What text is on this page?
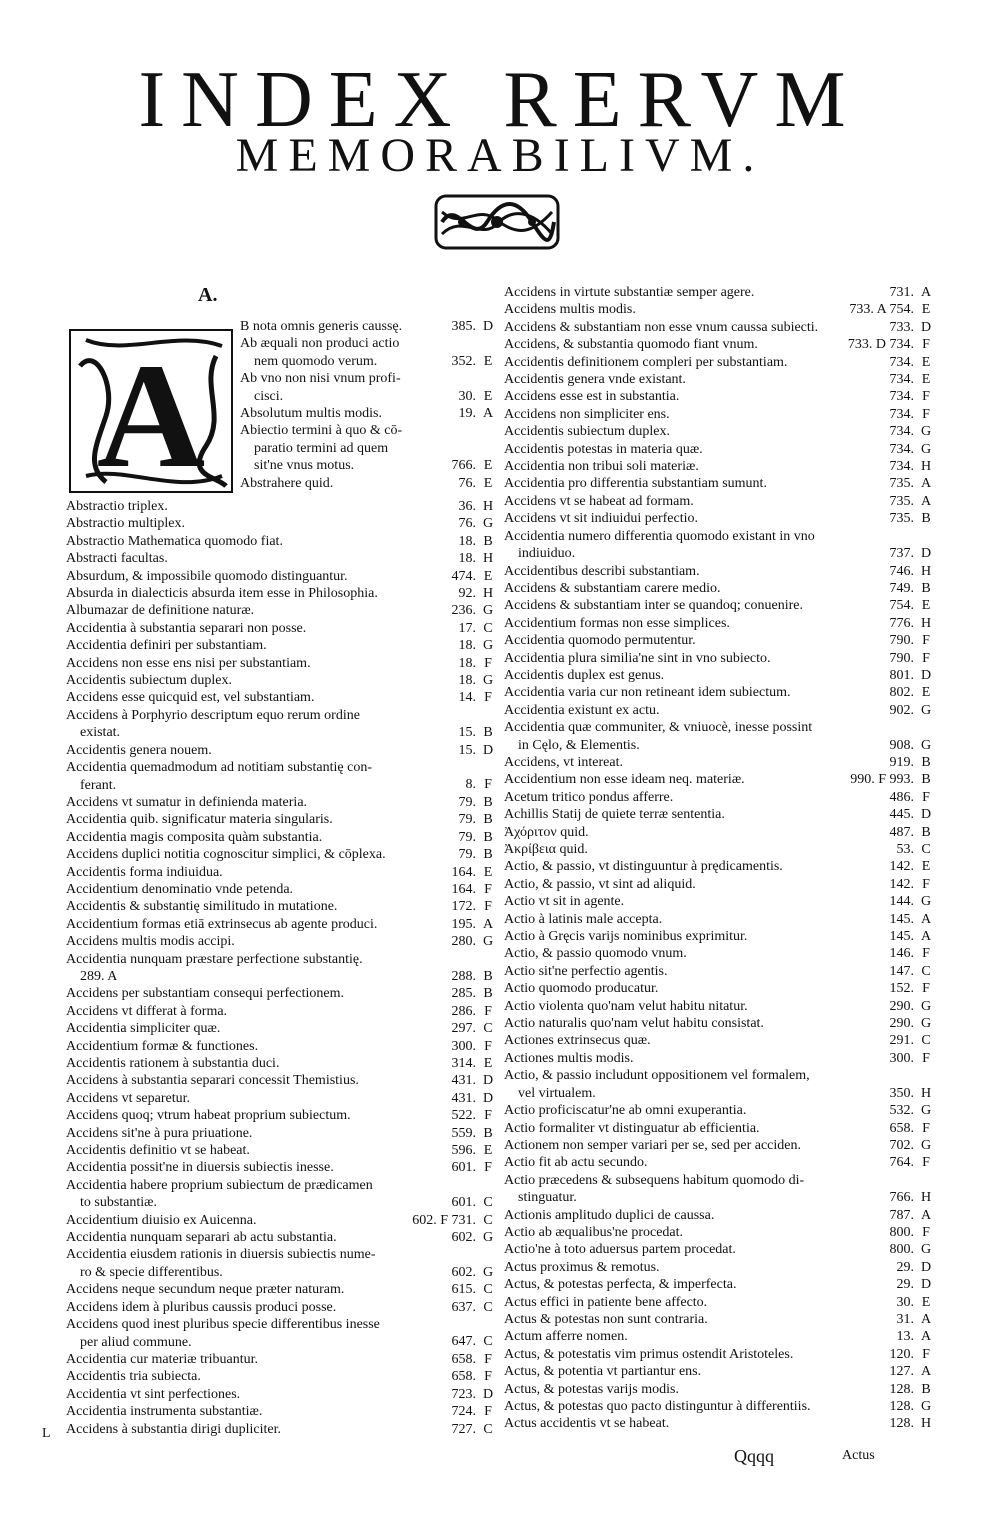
INDEX RERVM
MEMORABILIVM.
A.
A
B nota omnis generis caussę.	385. D
Ab æquali non produci actio
nem quomodo verum.	352. E
Ab vno non nisi vnum profi-
cisci.	30. E
Absolutum multis modis.	19. A
Abiectio termini à quo & cō-
paratio termini ad quem
sit'ne vnus motus.	766. E
Abstrahere quid.	76. E
Abstractio triplex.	36. H
Abstractio multiplex.	76. G
Abstractio Mathematica quomodo fiat.	18. B
Abstracti facultas.	18. H
Absurdum, & impossibile quomodo distinguantur.	474. E
Absurda in dialecticis absurda item esse in Philosophia.	92. H
Albumazar de definitione naturæ.	236. G
Accidentia à substantia separari non posse.	17. C
Accidentia definiri per substantiam.	18. G
Accidens non esse ens nisi per substantiam.	18. F
Accidentis subiectum duplex.	18. G
Accidens esse quicquid est, vel substantiam.	14. F
Accidens à Porphyrio descriptum equo rerum ordine
existat.	15. B
Accidentis genera nouem.	15. D
Accidentia quemadmodum ad notitiam substantię con-
ferant.	8. F
Accidens vt sumatur in definienda materia.	79. B
Accidentia quib. significatur materia singularis.	79. B
Accidentia magis composita quàm substantia.	79. B
Accidens duplici notitia cognoscitur simplici, & cōplexa.	79. B
Accidentis forma indiuidua.	164. E
Accidentium denominatio vnde petenda.	164. F
Accidentis & substantię similitudo in mutatione.	172. F
Accidentium formas etiā extrinsecus ab agente produci.	195. A
Accidens multis modis accipi.	280. G
Accidentia nunquam præstare perfectione substantię.
289. A	288. B
Accidens per substantiam consequi perfectionem.	285. B
Accidens vt differat à forma.	286. F
Accidentia simpliciter quæ.	297. C
Accidentium formæ & functiones.	300. F
Accidentis rationem à substantia duci.	314. E
Accidens à substantia separari concessit Themistius.	431. D
Accidens vt separetur.	431. D
Accidens quoq; vtrum habeat proprium subiectum.	522. F
Accidens sit'ne à pura priuatione.	559. B
Accidentis definitio vt se habeat.	596. E
Accidentia possit'ne in diuersis subiectis inesse.	601. F
Accidentia habere proprium subiectum de prædicamen
to substantiæ.	601. C
Accidentium diuisio ex Auicenna.	602. F 731. C
Accidentia nunquam separari ab actu substantia.	602. G
Accidentia eiusdem rationis in diuersis subiectis nume-
ro & specie differentibus.	602. G
Accidens neque secundum neque præter naturam.	615. C
Accidens idem à pluribus caussis produci posse.	637. C
Accidens quod inest pluribus specie differentibus inesse
per aliud commune.	647. C
Accidentia cur materiæ tribuantur.	658. F
Accidentis tria subiecta.	658. F
Accidentia vt sint perfectiones.	723. D
Accidentia instrumenta substantiæ.	724. F
Accidens à substantia dirigi dupliciter.	727. C
Accidens in virtute substantiæ semper agere.	731. A
Accidens multis modis.	733. A 754. E
Accidens & substantiam non esse vnum caussa subiecti.	733. D
Accidens, & substantia quomodo fiant vnum.	733. D 734. F
Accidentis definitionem compleri per substantiam.	734. E
Accidentis genera vnde existant.	734. E
Accidens esse est in substantia.	734. F
Accidens non simpliciter ens.	734. F
Accidentis subiectum duplex.	734. G
Accidentis potestas in materia quæ.	734. G
Accidentia non tribui soli materiæ.	734. H
Accidentia pro differentia substantiam sumunt.	735. A
Accidens vt se habeat ad formam.	735. A
Accidens vt sit indiuidui perfectio.	735. B
Accidentia numero differentia quomodo existant in vno
indiuiduo.	737. D
Accidentibus describi substantiam.	746. H
Accidens & substantiam carere medio.	749. B
Accidens & substantiam inter se quandoq; conuenire.	754. E
Accidentium formas non esse simplices.	776. H
Accidentia quomodo permutentur.	790. F
Accidentia plura similia'ne sint in vno subiecto.	790. F
Accidentis duplex est genus.	801. D
Accidentia varia cur non retineant idem subiectum.	802. E
Accidentia existunt ex actu.	902. G
Accidentia quæ communiter, & vniuocè, inesse possint
in Cęlo, & Elementis.	908. G
Accidens, vt intereat.	919. B
Accidentium non esse ideam neq. materiæ.	990. F 993. B
Acetum tritico pondus afferre.	486. F
Achillis Statij de quiete terræ sententia.	445. D
Ἀχόριτον quid.	487. B
Ἀκρίβεια quid.	53. C
Actio, & passio, vt distinguuntur à prędicamentis.	142. E
Actio, & passio, vt sint ad aliquid.	142. F
Actio vt sit in agente.	144. G
Actio à latinis male accepta.	145. A
Actio à Gręcis varijs nominibus exprimitur.	145. A
Actio, & passio quomodo vnum.	146. F
Actio sit'ne perfectio agentis.	147. C
Actio quomodo producatur.	152. F
Actio violenta quo'nam velut habitu nitatur.	290. G
Actio naturalis quo'nam velut habitu consistat.	290. G
Actiones extrinsecus quæ.	291. C
Actiones multis modis.	300. F
Actio, & passio includunt oppositionem vel formalem,
vel virtualem.	350. H
Actio proficiscatur'ne ab omni exuperantia.	532. G
Actio formaliter vt distinguatur ab efficientia.	658. F
Actionem non semper variari per se, sed per acciden.	702. G
Actio fit ab actu secundo.	764. F
Actio præcedens & subsequens habitum quomodo di-
stinguatur.	766. H
Actionis amplitudo duplici de caussa.	787. A
Actio ab æqualibus'ne procedat.	800. F
Actio'ne à toto aduersus partem procedat.	800. G
Actus proximus & remotus.	29. D
Actus, & potestas perfecta, & imperfecta.	29. D
Actus effici in patiente bene affecto.	30. E
Actus & potestas non sunt contraria.	31. A
Actum afferre nomen.	13. A
Actus, & potestatis vim primus ostendit Aristoteles.	120. F
Actus, & potentia vt partiantur ens.	127. A
Actus, & potestas varijs modis.	128. B
Actus, & potestas quo pacto distinguntur à differentiis.	128. G
Actus accidentis vt se habeat.	128. H
L
Qqqq	Actus
